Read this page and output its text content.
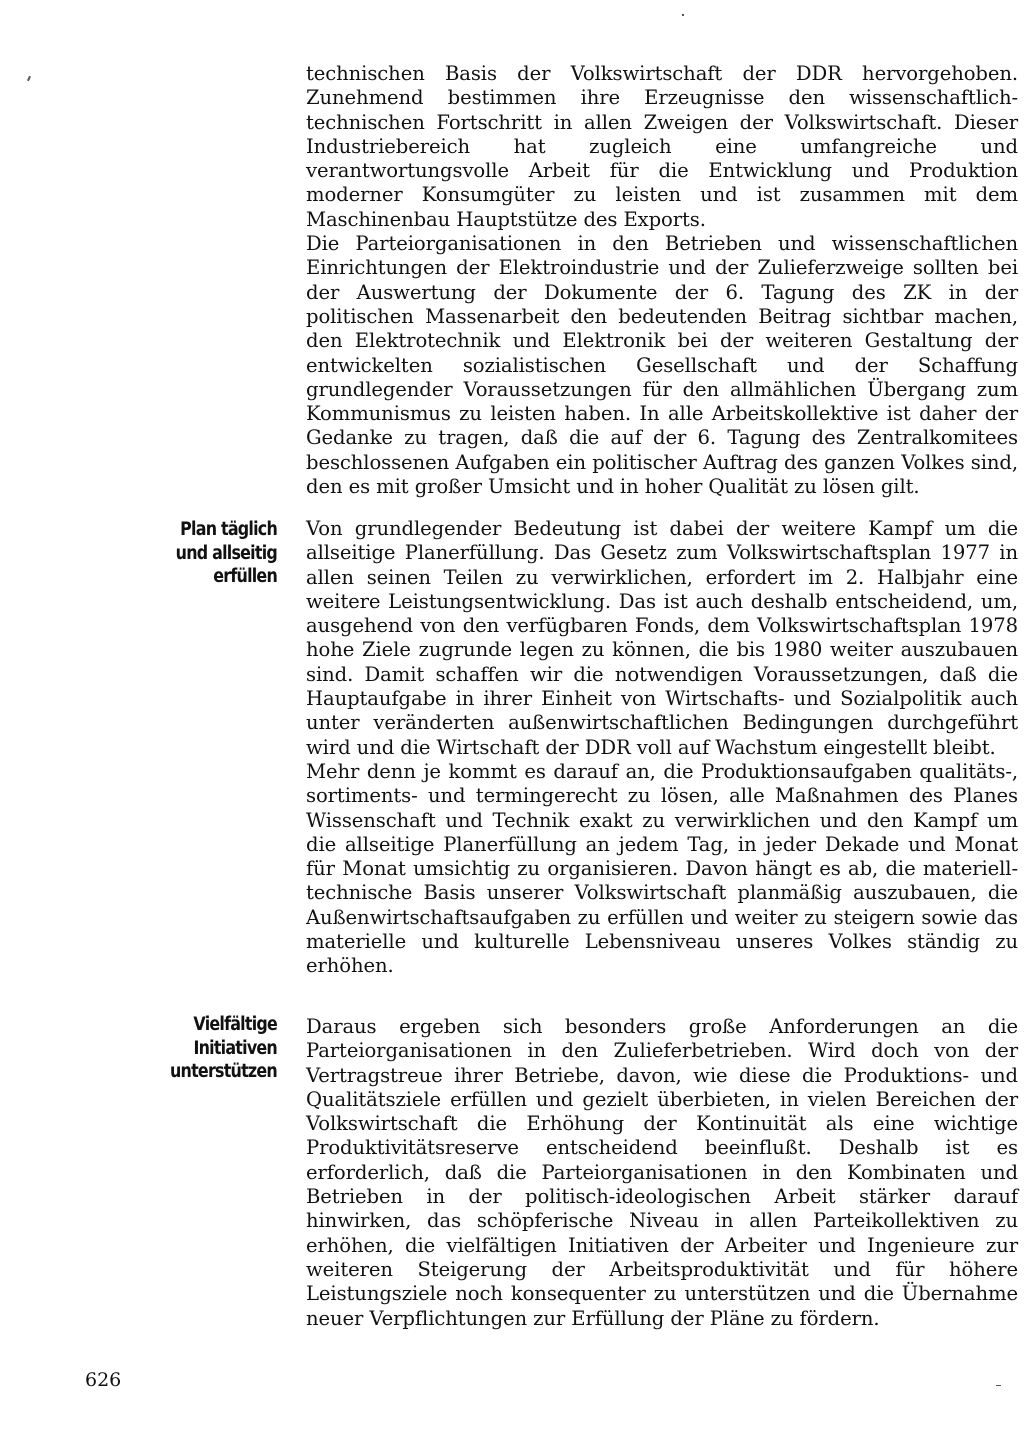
technischen Basis der Volkswirtschaft der DDR hervorgehoben. Zunehmend bestimmen ihre Erzeugnisse den wissenschaftlich-technischen Fortschritt in allen Zweigen der Volkswirtschaft. Dieser Industriebereich hat zugleich eine umfangreiche und verantwortungsvolle Arbeit für die Entwicklung und Produktion moderner Konsumgüter zu leisten und ist zusammen mit dem Maschinenbau Hauptstütze des Exports.

Die Parteiorganisationen in den Betrieben und wissenschaftlichen Einrichtungen der Elektroindustrie und der Zulieferzweige sollten bei der Auswertung der Dokumente der 6. Tagung des ZK in der politischen Massenarbeit den bedeutenden Beitrag sichtbar machen, den Elektrotechnik und Elektronik bei der weiteren Gestaltung der entwickelten sozialistischen Gesellschaft und der Schaffung grundlegender Voraussetzungen für den allmählichen Übergang zum Kommunismus zu leisten haben. In alle Arbeitskollektive ist daher der Gedanke zu tragen, daß die auf der 6. Tagung des Zentralkomitees beschlossenen Aufgaben ein politischer Auftrag des ganzen Volkes sind, den es mit großer Umsicht und in hoher Qualität zu lösen gilt.

Plan täglich
und allseitig
erfüllen

Von grundlegender Bedeutung ist dabei der weitere Kampf um die allseitige Planerfüllung. Das Gesetz zum Volkswirtschaftsplan 1977 in allen seinen Teilen zu verwirklichen, erfordert im 2. Halbjahr eine weitere Leistungsentwicklung. Das ist auch deshalb entscheidend, um, ausgehend von den verfügbaren Fonds, dem Volkswirtschaftsplan 1978 hohe Ziele zugrunde legen zu können, die bis 1980 weiter auszubauen sind. Damit schaffen wir die notwendigen Voraussetzungen, daß die Hauptaufgabe in ihrer Einheit von Wirtschafts- und Sozialpolitik auch unter veränderten außenwirtschaftlichen Bedingungen durchgeführt wird und die Wirtschaft der DDR voll auf Wachstum eingestellt bleibt.

Mehr denn je kommt es darauf an, die Produktionsaufgaben qualitäts-, sortiments- und termingerecht zu lösen, alle Maßnahmen des Planes Wissenschaft und Technik exakt zu verwirklichen und den Kampf um die allseitige Planerfüllung an jedem Tag, in jeder Dekade und Monat für Monat umsichtig zu organisieren. Davon hängt es ab, die materiell-technische Basis unserer Volkswirtschaft planmäßig auszubauen, die Außenwirtschaftsaufgaben zu erfüllen und weiter zu steigern sowie das materielle und kulturelle Lebensniveau unseres Volkes ständig zu erhöhen.

Vielfältige
Initiativen
unterstützen

Daraus ergeben sich besonders große Anforderungen an die Parteiorganisationen in den Zulieferbetrieben. Wird doch von der Vertragstreue ihrer Betriebe, davon, wie diese die Produktions- und Qualitätsziele erfüllen und gezielt überbieten, in vielen Bereichen der Volkswirtschaft die Erhöhung der Kontinuität als eine wichtige Produktivitätsreserve entscheidend beeinflußt. Deshalb ist es erforderlich, daß die Parteiorganisationen in den Kombinaten und Betrieben in der politisch-ideologischen Arbeit stärker darauf hinwirken, das schöpferische Niveau in allen Parteikollektiven zu erhöhen, die vielfältigen Initiativen der Arbeiter und Ingenieure zur weiteren Steigerung der Arbeitsproduktivität und für höhere Leistungsziele noch konsequenter zu unterstützen und die Übernahme neuer Verpflichtungen zur Erfüllung der Pläne zu fördern.

626
